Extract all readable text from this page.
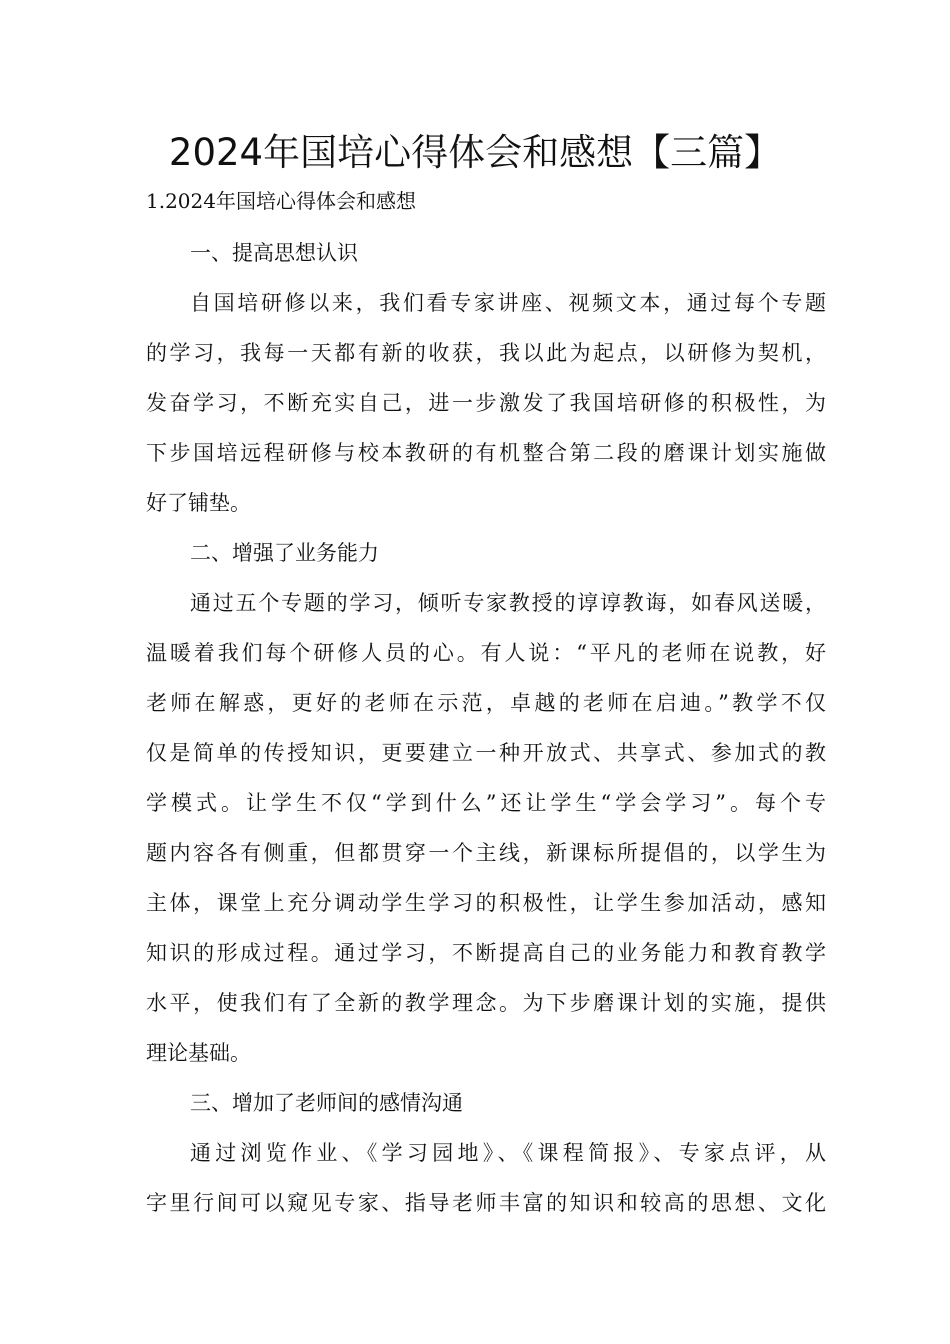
2024年国培心得体会和感想【三篇】

1.2024年国培心得体会和感想

一、提高思想认识

自国培研修以来，我们看专家讲座、视频文本，通过每个专题
的学习，我每一天都有新的收获，我以此为起点，以研修为契机，
发奋学习，不断充实自己，进一步激发了我国培研修的积极性，为
下步国培远程研修与校本教研的有机整合第二段的磨课计划实施做
好了铺垫。

二、增强了业务能力

通过五个专题的学习，倾听专家教授的谆谆教诲，如春风送暖，
温暖着我们每个研修人员的心。有人说：“平凡的老师在说教，好
老师在解惑，更好的老师在示范，卓越的老师在启迪。”教学不仅
仅是简单的传授知识，更要建立一种开放式、共享式、参加式的教
学模式。让学生不仅“学到什么”还让学生“学会学习”。每个专
题内容各有侧重，但都贯穿一个主线，新课标所提倡的，以学生为
主体，课堂上充分调动学生学习的积极性，让学生参加活动，感知
知识的形成过程。通过学习，不断提高自己的业务能力和教育教学
水平，使我们有了全新的教学理念。为下步磨课计划的实施，提供
理论基础。

三、增加了老师间的感情沟通

通过浏览作业、《学习园地》、《课程简报》、专家点评，从
字里行间可以窥见专家、指导老师丰富的知识和较高的思想、文化
